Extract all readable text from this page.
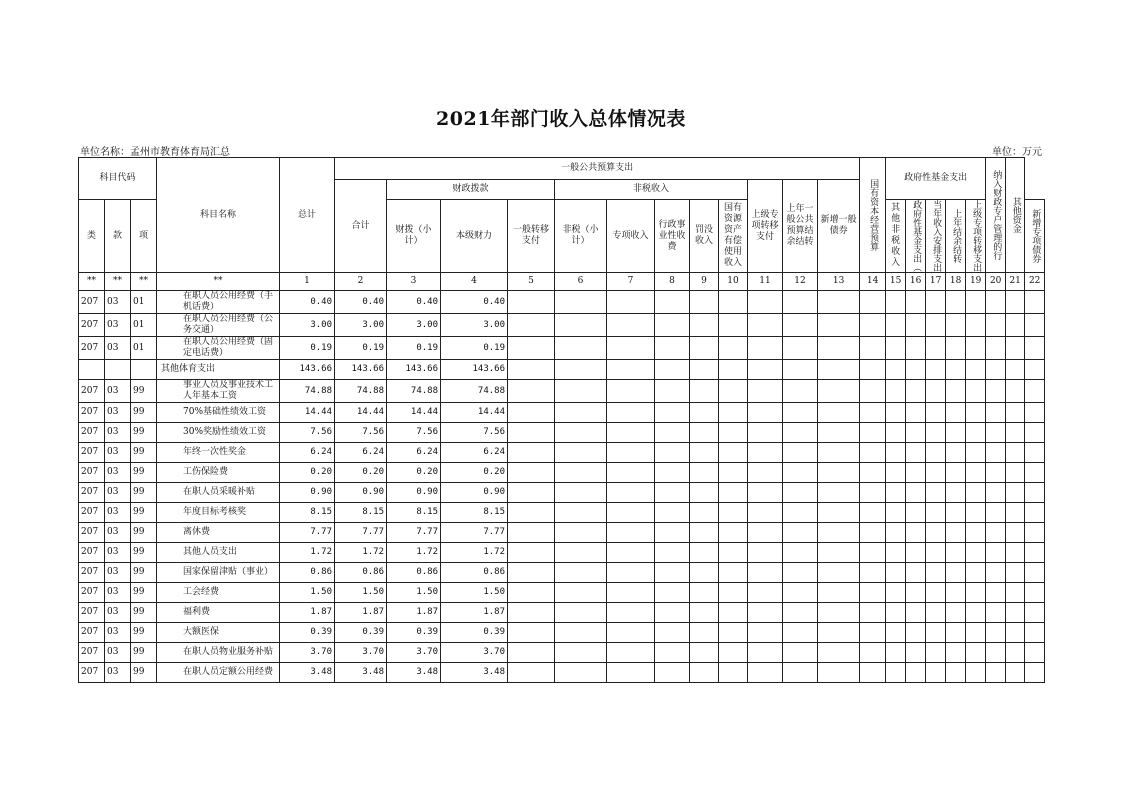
2021年部门收入总体情况表
单位名称：孟州市教育体育局汇总	单位：万元
科目代码			科目名称	总计	一般公共预算支出												国有资本经营预算	政府性基金支出					纳入财政专户管理的行	其他资金	

					合计	财政拨款			非税收入					上级专项转移支付	上年一般公共预算结余结转	新增一般债券									
类	款	项				财拨（小计）	本级财力	一般转移支付	非税（小计）	专项收入	行政事业性收费	罚没收入	国有资源资产有偿使用收入					其他非税收入	政府性基金支出（	当年收入安排支出	上年结余结转	上级专项转移支出			新增专项债券

**	**	**	**	1	2	3	4	5	6	7	8	9	10	11	12	13	14	15	16	17	18	19	20	21	22
207	03	01	在职人员公用经费（手机话费）	0.40	0.40	0.40	0.40																		
207	03	01	在职人员公用经费（公务交通）	3.00	3.00	3.00	3.00																		
207	03	01	在职人员公用经费（固定电话费）	0.19	0.19	0.19	0.19																		
			其他体育支出	143.66	143.66	143.66	143.66																		
207	03	99	事业人员及事业技术工人年基本工资	74.88	74.88	74.88	74.88																		
207	03	99	70%基础性绩效工资	14.44	14.44	14.44	14.44																		
207	03	99	30%奖励性绩效工资	7.56	7.56	7.56	7.56																		
207	03	99	年终一次性奖金	6.24	6.24	6.24	6.24																		
207	03	99	工伤保险费	0.20	0.20	0.20	0.20																		
207	03	99	在职人员采暖补贴	0.90	0.90	0.90	0.90																		
207	03	99	年度目标考核奖	8.15	8.15	8.15	8.15																		
207	03	99	离休费	7.77	7.77	7.77	7.77																		
207	03	99	其他人员支出	1.72	1.72	1.72	1.72																		
207	03	99	国家保留津贴（事业）	0.86	0.86	0.86	0.86																		
207	03	99	工会经费	1.50	1.50	1.50	1.50																		
207	03	99	福利费	1.87	1.87	1.87	1.87																		
207	03	99	大额医保	0.39	0.39	0.39	0.39																		
207	03	99	在职人员物业服务补贴	3.70	3.70	3.70	3.70																		
207	03	99	在职人员定额公用经费	3.48	3.48	3.48	3.48																		
